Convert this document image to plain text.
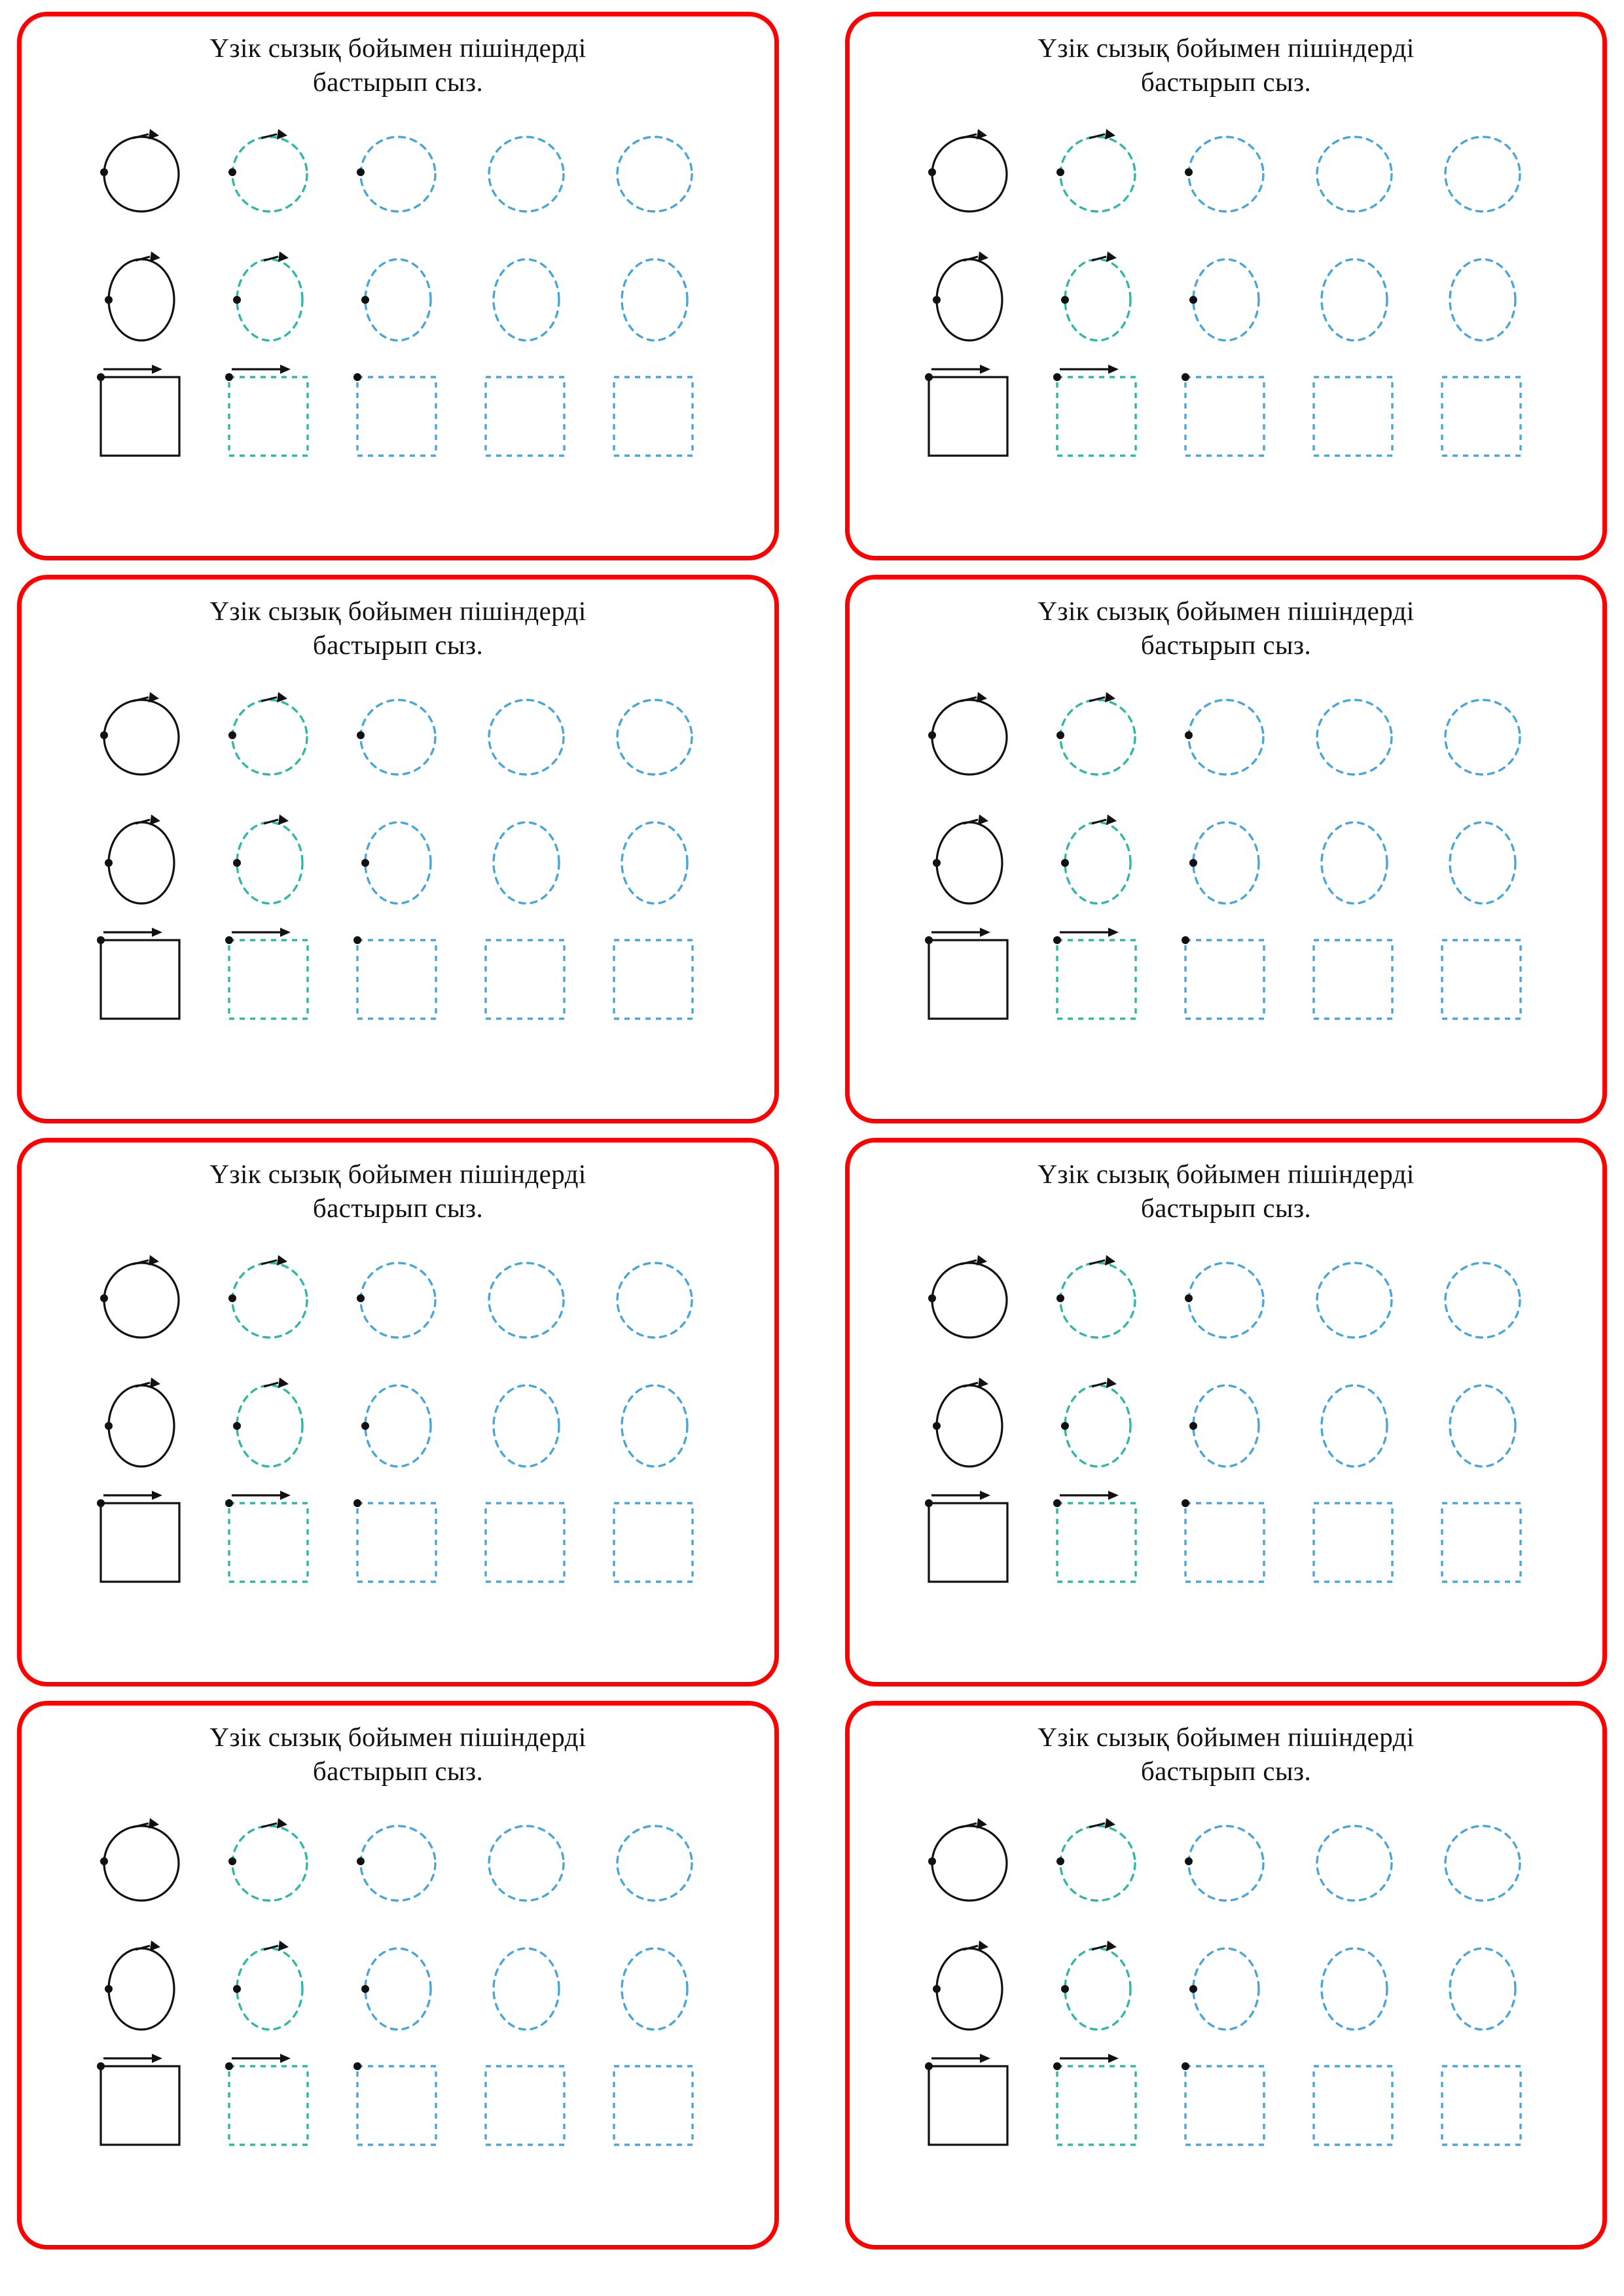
Үзік сызық бойымен пішіндерді
бастырып сыз.
Үзік сызық бойымен пішіндерді
бастырып сыз.
Үзік сызық бойымен пішіндерді
бастырып сыз.
Үзік сызық бойымен пішіндерді
бастырып сыз.
Үзік сызық бойымен пішіндерді
бастырып сыз.
Үзік сызық бойымен пішіндерді
бастырып сыз.
Үзік сызық бойымен пішіндерді
бастырып сыз.
Үзік сызық бойымен пішіндерді
бастырып сыз.
